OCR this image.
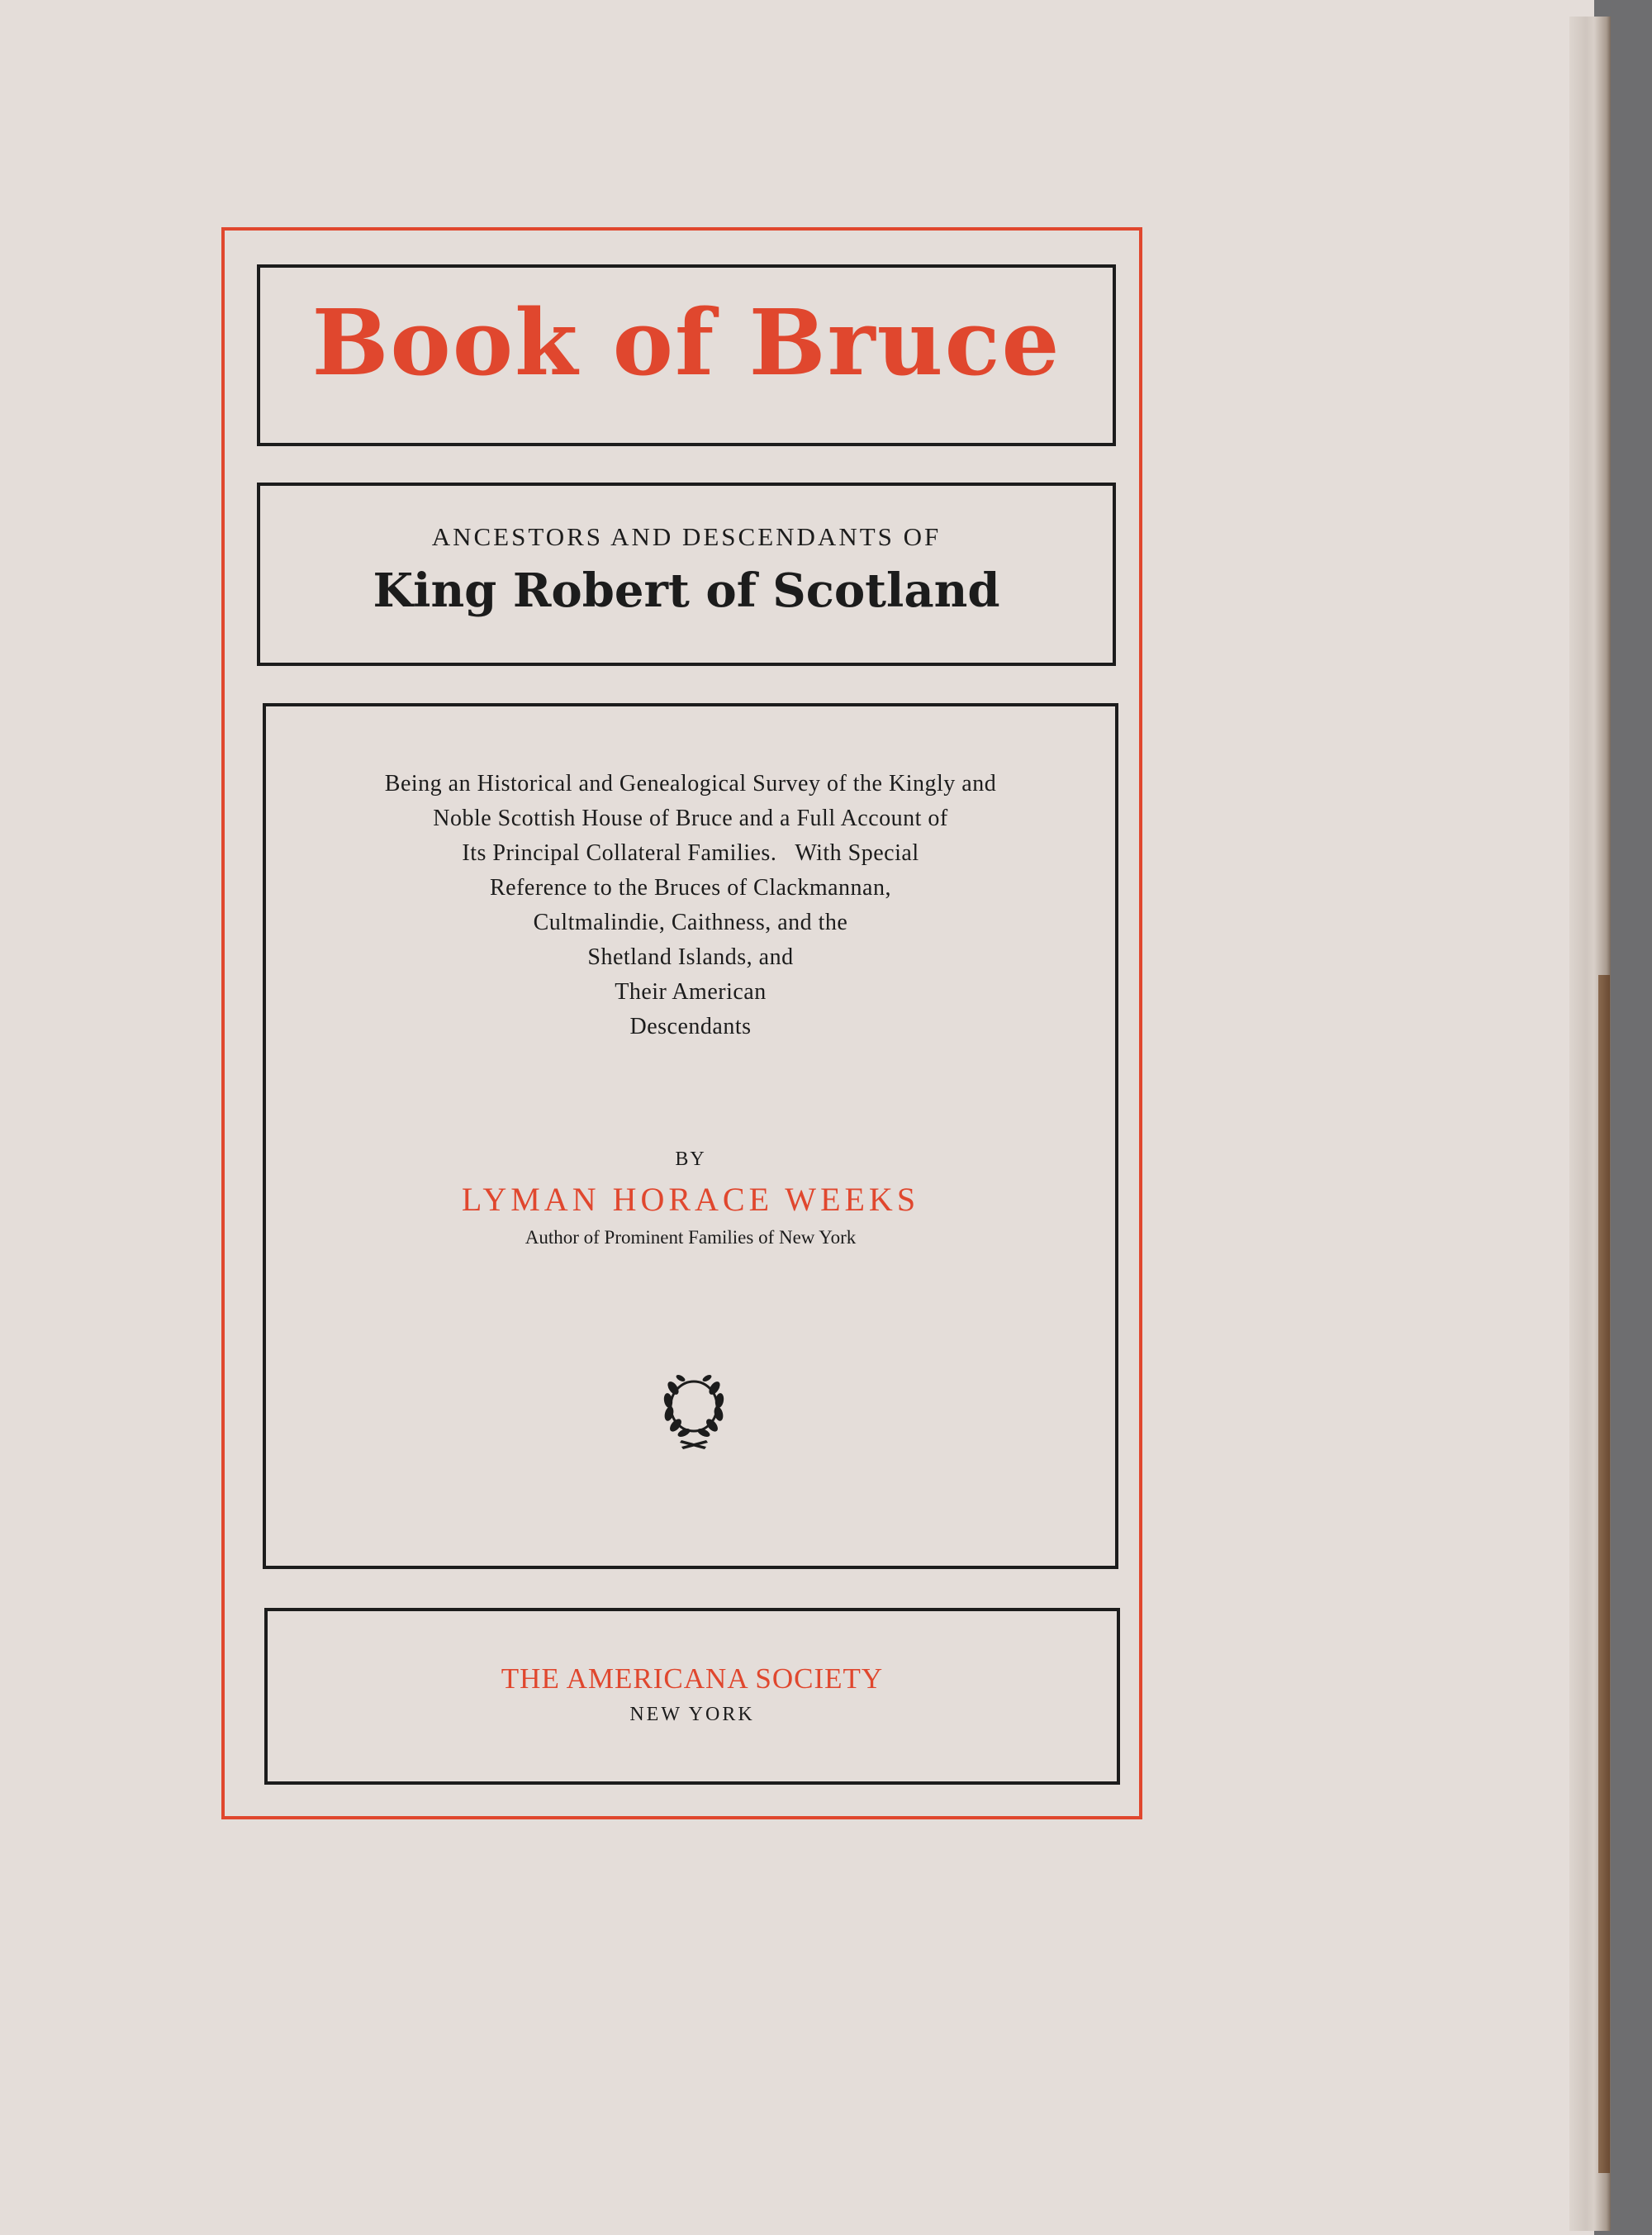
Book of Bruce
ANCESTORS AND DESCENDANTS OF
King Robert of Scotland
Being an Historical and Genealogical Survey of the Kingly and
Noble Scottish House of Bruce and a Full Account of
Its Principal Collateral Families.   With Special
Reference to the Bruces of Clackmannan,
Cultmalindie, Caithness, and the
Shetland Islands, and
Their American
Descendants
BY
LYMAN HORACE WEEKS
Author of Prominent Families of New York
THE AMERICANA SOCIETY
NEW YORK
